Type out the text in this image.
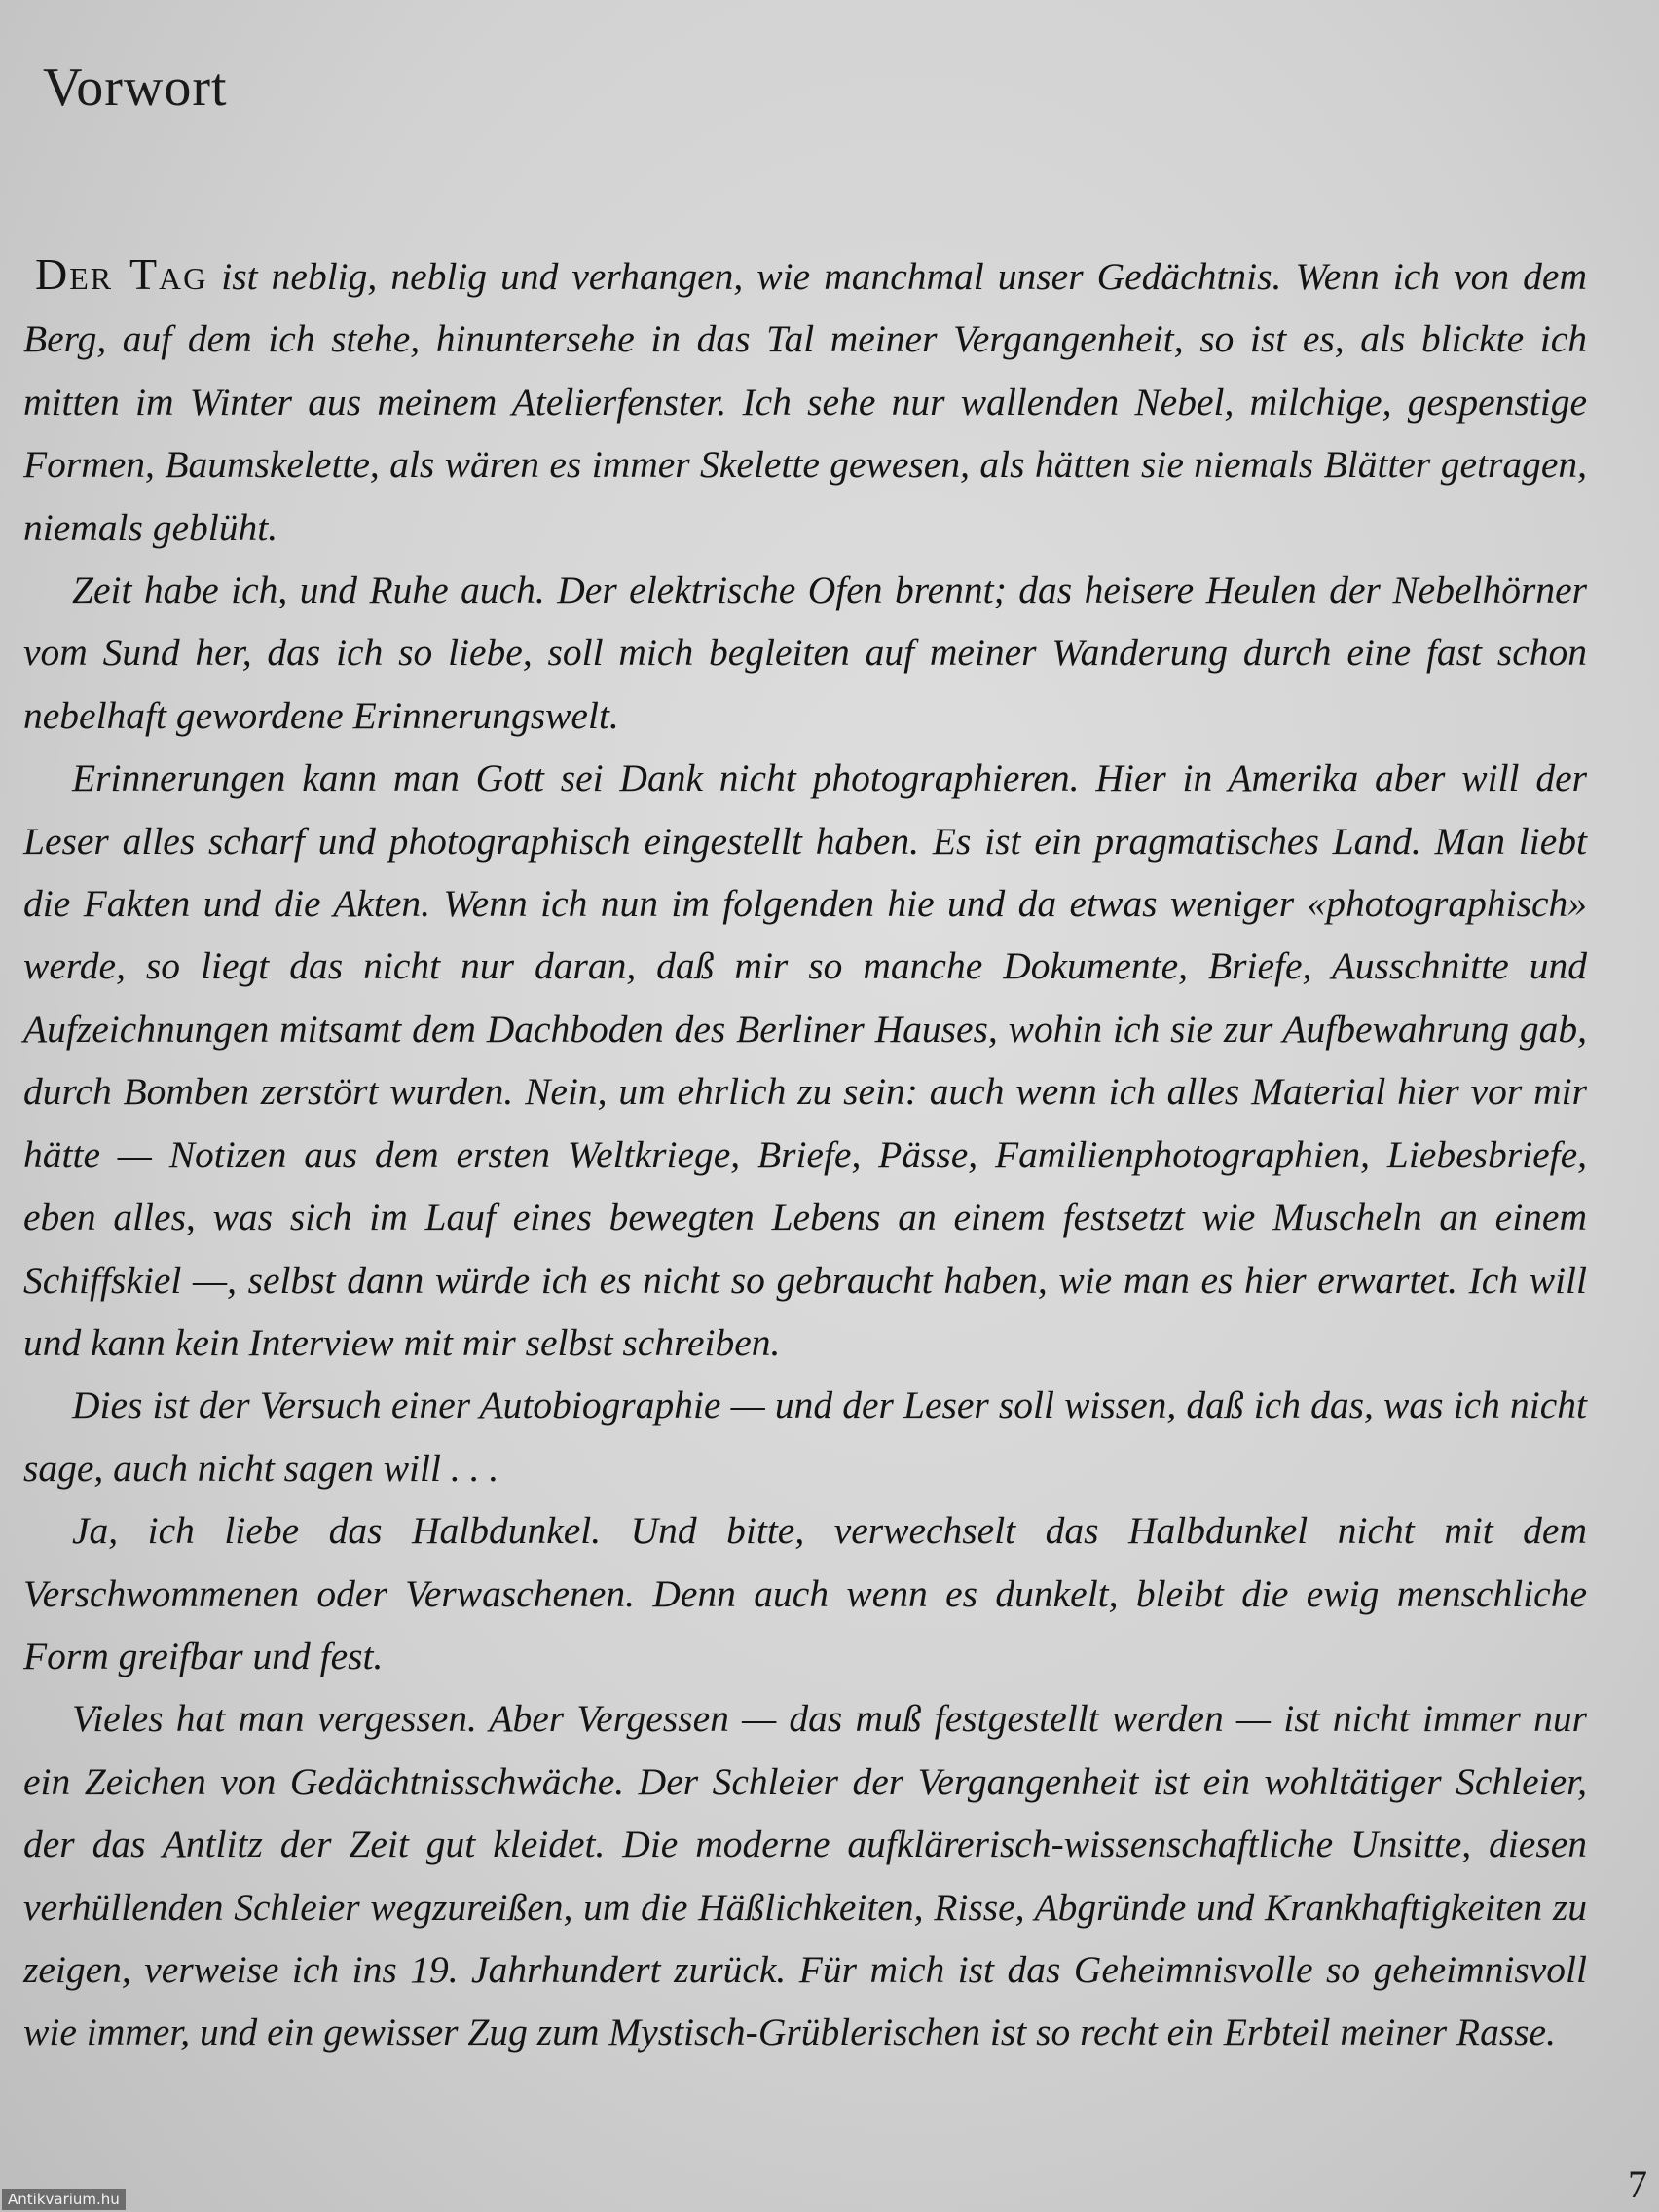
Vorwort

Der Tag ist neblig, neblig und verhangen, wie manchmal unser Gedächtnis. Wenn ich von dem Berg, auf dem ich stehe, hinuntersehe in das Tal meiner Vergangenheit, so ist es, als blickte ich mitten im Winter aus meinem Atelierfenster. Ich sehe nur wallenden Nebel, milchige, gespenstige Formen, Baumskelette, als wären es immer Skelette gewesen, als hätten sie niemals Blätter getragen, niemals geblüht.

Zeit habe ich, und Ruhe auch. Der elektrische Ofen brennt; das heisere Heulen der Nebelhörner vom Sund her, das ich so liebe, soll mich begleiten auf meiner Wanderung durch eine fast schon nebelhaft gewordene Erinnerungswelt.

Erinnerungen kann man Gott sei Dank nicht photographieren. Hier in Amerika aber will der Leser alles scharf und photographisch eingestellt haben. Es ist ein pragmatisches Land. Man liebt die Fakten und die Akten. Wenn ich nun im folgenden hie und da etwas weniger «photographisch» werde, so liegt das nicht nur daran, daß mir so manche Dokumente, Briefe, Ausschnitte und Aufzeichnungen mitsamt dem Dachboden des Berliner Hauses, wohin ich sie zur Aufbewahrung gab, durch Bomben zerstört wurden. Nein, um ehrlich zu sein: auch wenn ich alles Material hier vor mir hätte — Notizen aus dem ersten Weltkriege, Briefe, Pässe, Familienphotographien, Liebesbriefe, eben alles, was sich im Lauf eines bewegten Lebens an einem festsetzt wie Muscheln an einem Schiffskiel —, selbst dann würde ich es nicht so gebraucht haben, wie man es hier erwartet. Ich will und kann kein Interview mit mir selbst schreiben.

Dies ist der Versuch einer Autobiographie — und der Leser soll wissen, daß ich das, was ich nicht sage, auch nicht sagen will . . .

Ja, ich liebe das Halbdunkel. Und bitte, verwechselt das Halbdunkel nicht mit dem Verschwommenen oder Verwaschenen. Denn auch wenn es dunkelt, bleibt die ewig menschliche Form greifbar und fest.

Vieles hat man vergessen. Aber Vergessen — das muß festgestellt werden — ist nicht immer nur ein Zeichen von Gedächtnisschwäche. Der Schleier der Vergangenheit ist ein wohltätiger Schleier, der das Antlitz der Zeit gut kleidet. Die moderne aufklärerisch-wissenschaftliche Unsitte, diesen verhüllenden Schleier wegzureißen, um die Häßlichkeiten, Risse, Abgründe und Krankhaftigkeiten zu zeigen, verweise ich ins 19. Jahrhundert zurück. Für mich ist das Geheimnisvolle so geheimnisvoll wie immer, und ein gewisser Zug zum Mystisch-Grüblerischen ist so recht ein Erbteil meiner Rasse.

7
Antikvarium.hu
